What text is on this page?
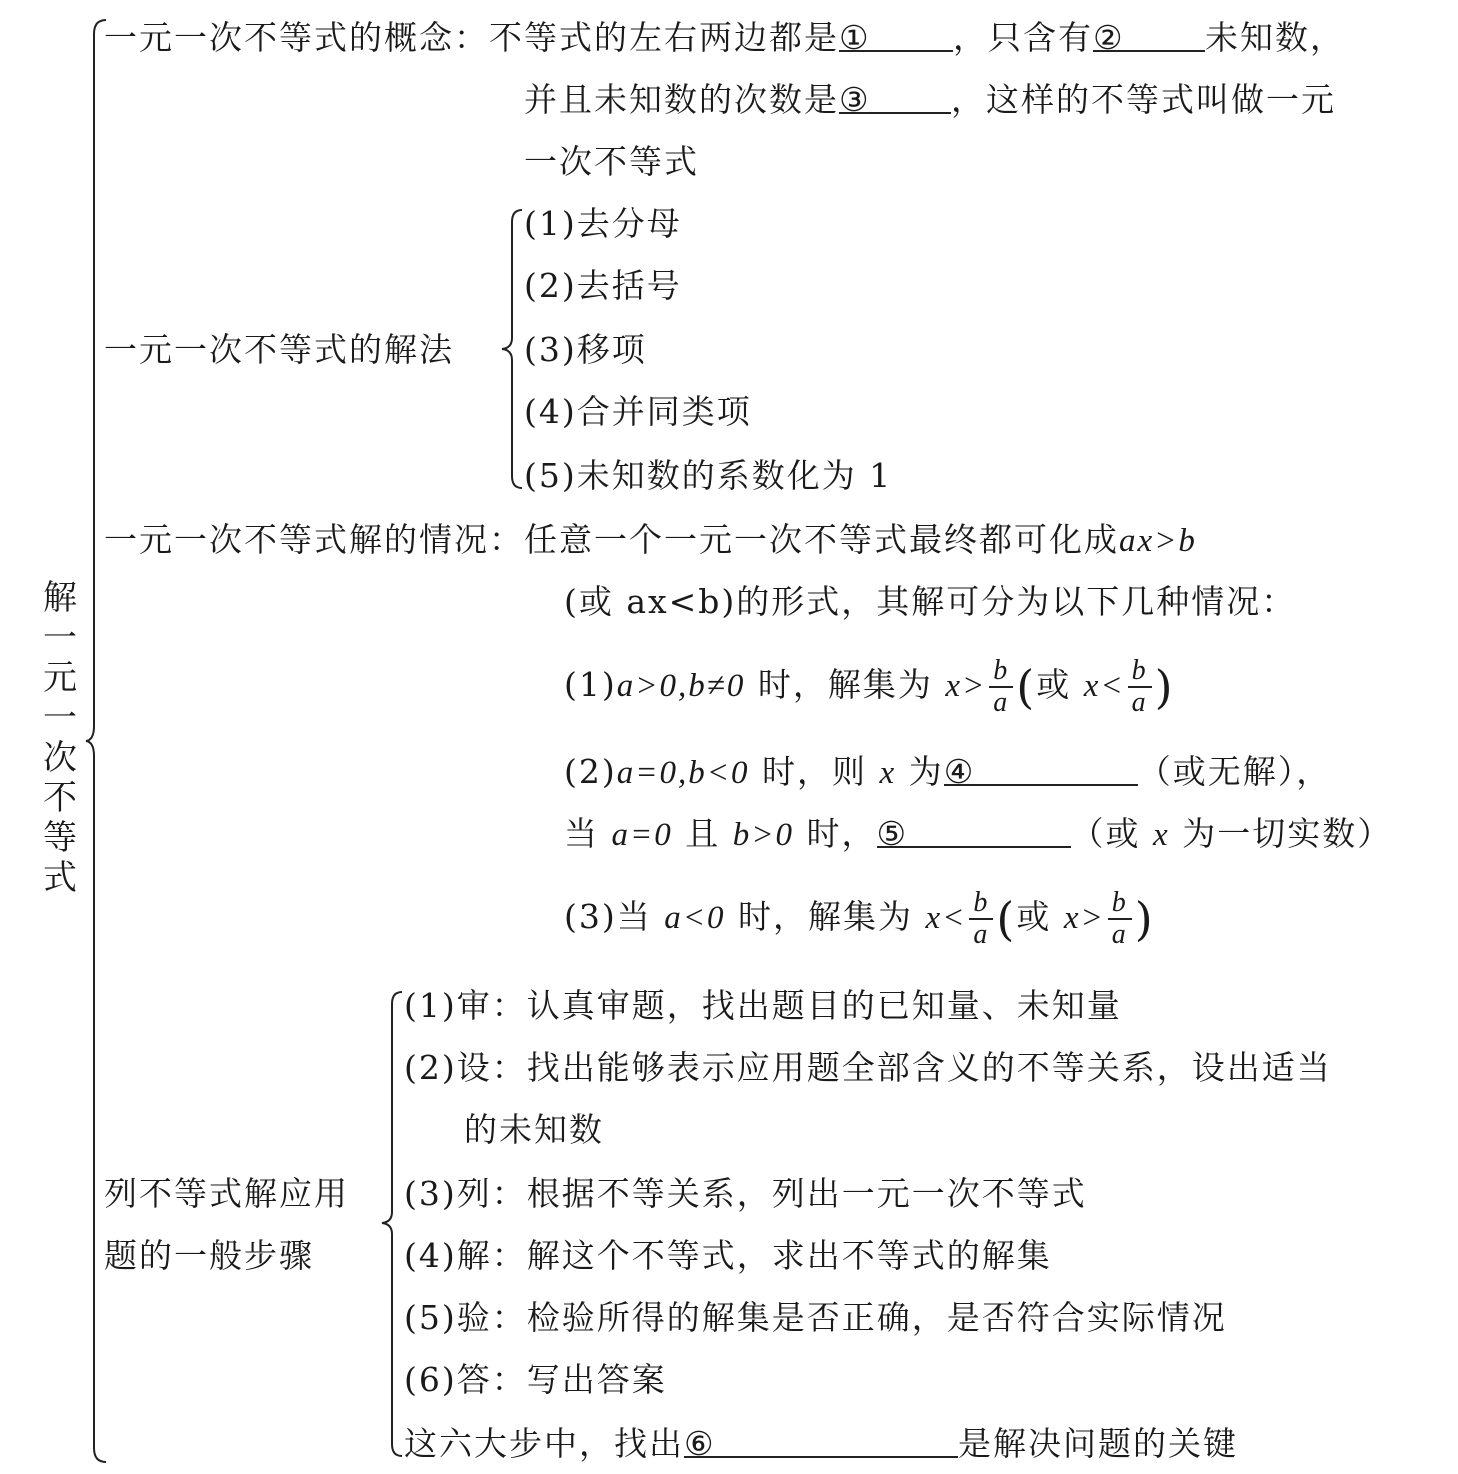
解一元一次不等式
一元一次不等式的概念：不等式的左右两边都是① ，只含有② 未知数，
并且未知数的次数是③ ，这样的不等式叫做一元
一次不等式
一元一次不等式的解法
(1)去分母
(2)去括号
(3)移项
(4)合并同类项
(5)未知数的系数化为 1
一元一次不等式解的情况：任意一个一元一次不等式最终都可化成ax>b
(或 ax<b)的形式，其解可分为以下几种情况：
(1)a>0,b≠0 时，解集为 $x> \frac{b}{a}$ (或 $x< \frac{b}{a}$ )
(2)a=0,b<0 时，则 x 为④	（或无解），
当 a=0 且 b>0 时，⑤	（或 x 为一切实数）
(3)当 a<0 时，解集为 $x< \frac{b}{a}$ (或 $x> \frac{b}{a}$ )
列不等式解应用
题的一般步骤
(1)审：认真审题，找出题目的已知量、未知量
(2)设：找出能够表示应用题全部含义的不等关系，设出适当
的未知数
(3)列：根据不等关系，列出一元一次不等式
(4)解：解这个不等式，求出不等式的解集
(5)验：检验所得的解集是否正确，是否符合实际情况
(6)答：写出答案
这六大步中，找出⑥	是解决问题的关键
